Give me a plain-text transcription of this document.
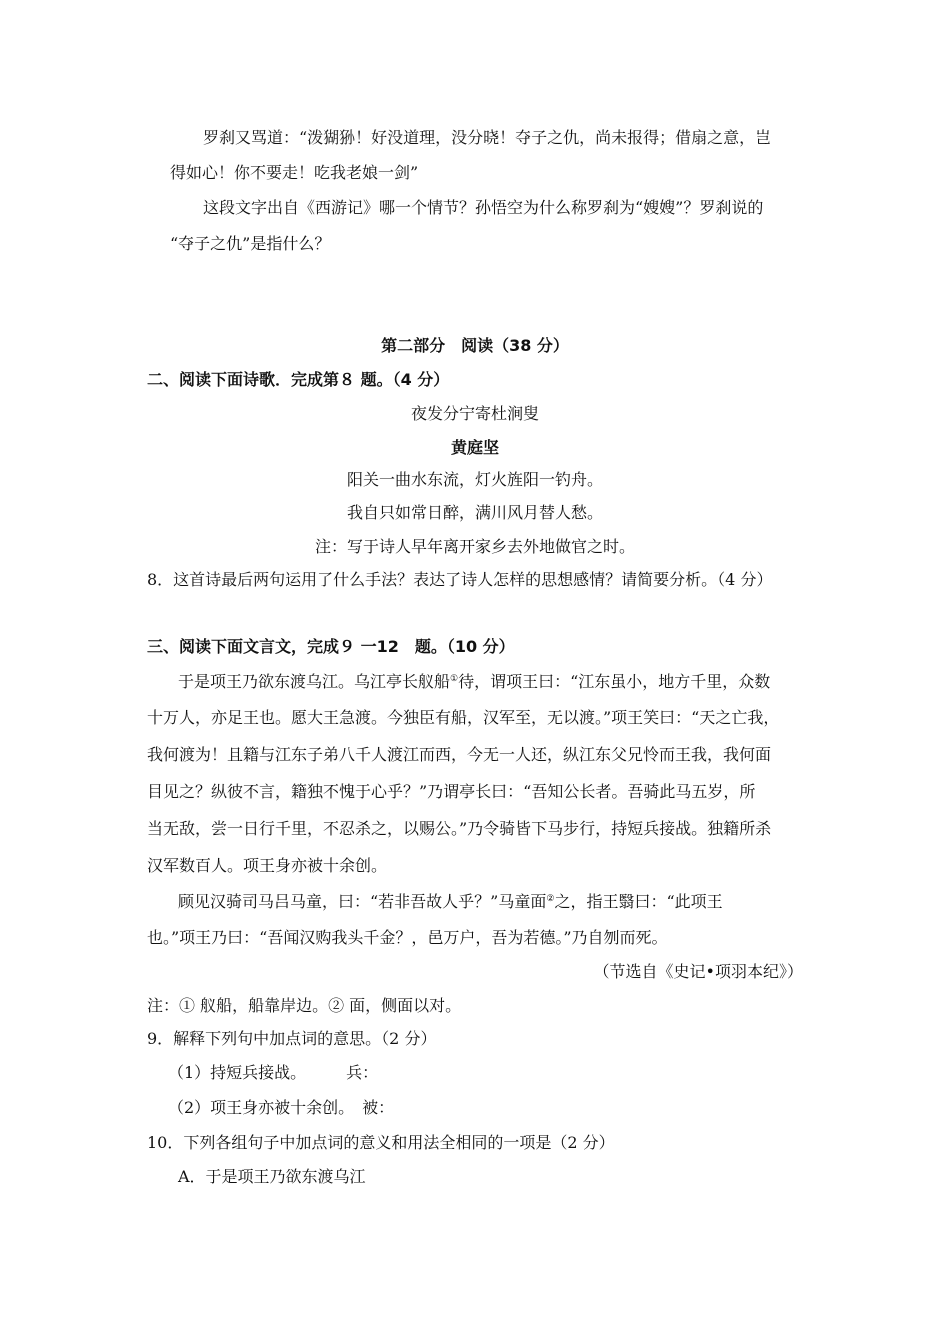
罗刹又骂道：“泼猢狲！好没道理，没分晓！夺子之仇，尚未报得；借扇之意，岂
得如心！你不要走！吃我老娘一剑”
这段文字出自《西游记》哪一个情节？孙悟空为什么称罗刹为“嫂嫂”？罗刹说的
“夺子之仇”是指什么？
第二部分　阅读（38 分）
二、阅读下面诗歌．完成第８ 题。（4 分）
夜发分宁寄杜涧叟
黄庭坚
阳关一曲水东流，灯火旌阳一钓舟。
我自只如常日醉，满川风月替人愁。
注：写于诗人早年离开家乡去外地做官之时。
8．这首诗最后两句运用了什么手法？表达了诗人怎样的思想感情？请简要分析。（4 分）
三、阅读下面文言文，完成９ 一12　题。（10 分）
于是项王乃欲东渡乌江。乌江亭长舣船①待，谓项王曰：“江东虽小，地方千里，众数
十万人，亦足王也。愿大王急渡。今独臣有船，汉军至，无以渡。”项王笑曰：“天之亡我，
我何渡为！且籍与江东子弟八千人渡江而西，今无一人还，纵江东父兄怜而王我，我何面
目见之？纵彼不言，籍独不愧于心乎？”乃谓亭长曰：“吾知公长者。吾骑此马五岁，所
当无敌，尝一日行千里，不忍杀之，以赐公。”乃令骑皆下马步行，持短兵接战。独籍所杀
汉军数百人。项王身亦被十余创。
顾见汉骑司马吕马童，曰：“若非吾故人乎？”马童面②之，指王翳曰：“此项王
也。”项王乃曰：“吾闻汉购我头千金？，邑万户，吾为若德。”乃自刎而死。
（节选自《史记•项羽本纪》）
注：① 舣船，船靠岸边。② 面，侧面以对。
9．解释下列句中加点词的意思。（2 分）
（1）持短兵接战。　　　兵：
（2）项王身亦被十余创。　被：
10．下列各组句子中加点词的意义和用法全相同的一项是（2 分）
A．于是项王乃欲东渡乌江
